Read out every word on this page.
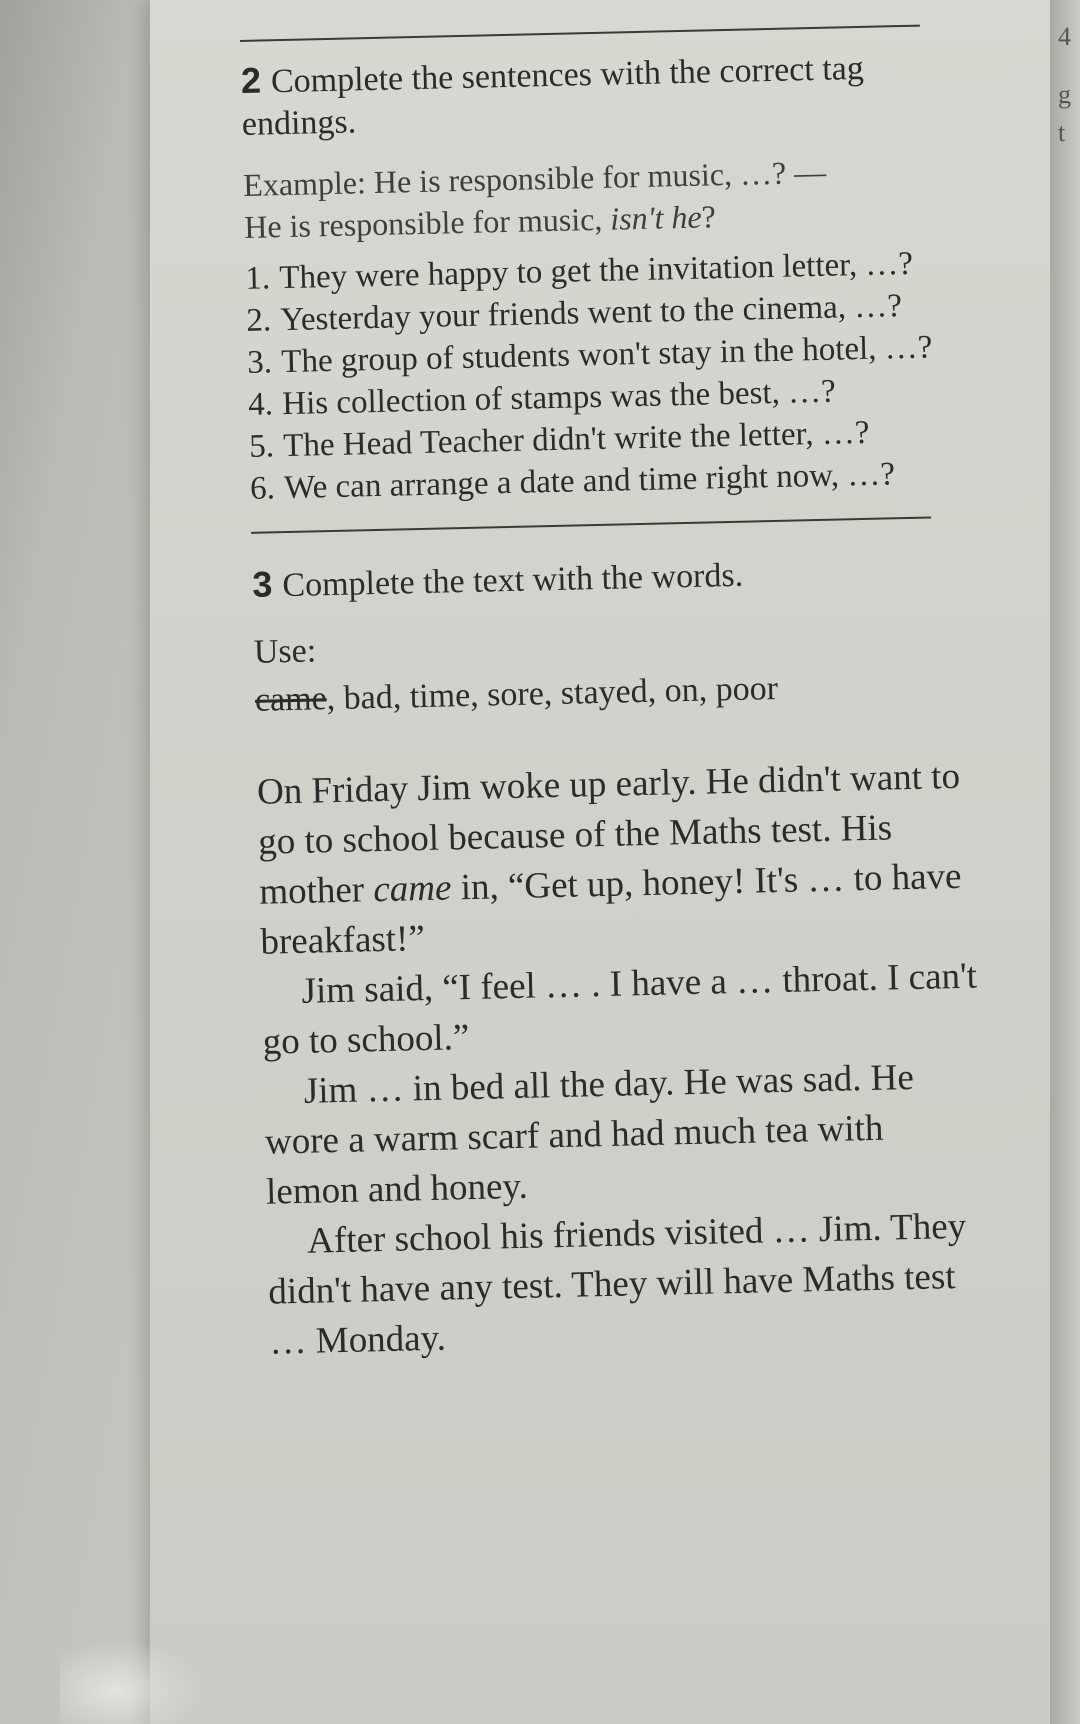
4
g
t
2 Complete the sentences with the correct tag endings.
Example: He is responsible for music, …? —
He is responsible for music, isn't he?
1. They were happy to get the invitation letter, …?
2. Yesterday your friends went to the cinema, …?
3. The group of students won't stay in the hotel, …?
4. His collection of stamps was the best, …?
5. The Head Teacher didn't write the letter, …?
6. We can arrange a date and time right now, …?
3 Complete the text with the words.
Use:
came, bad, time, sore, stayed, on, poor

On Friday Jim woke up early. He didn't want to go to school because of the Maths test. His mother came in, “Get up, honey! It's … to have breakfast!”

Jim said, “I feel … . I have a … throat. I can't go to school.”

Jim … in bed all the day. He was sad. He wore a warm scarf and had much tea with lemon and honey.

After school his friends visited … Jim. They didn't have any test. They will have Maths test … Monday.
